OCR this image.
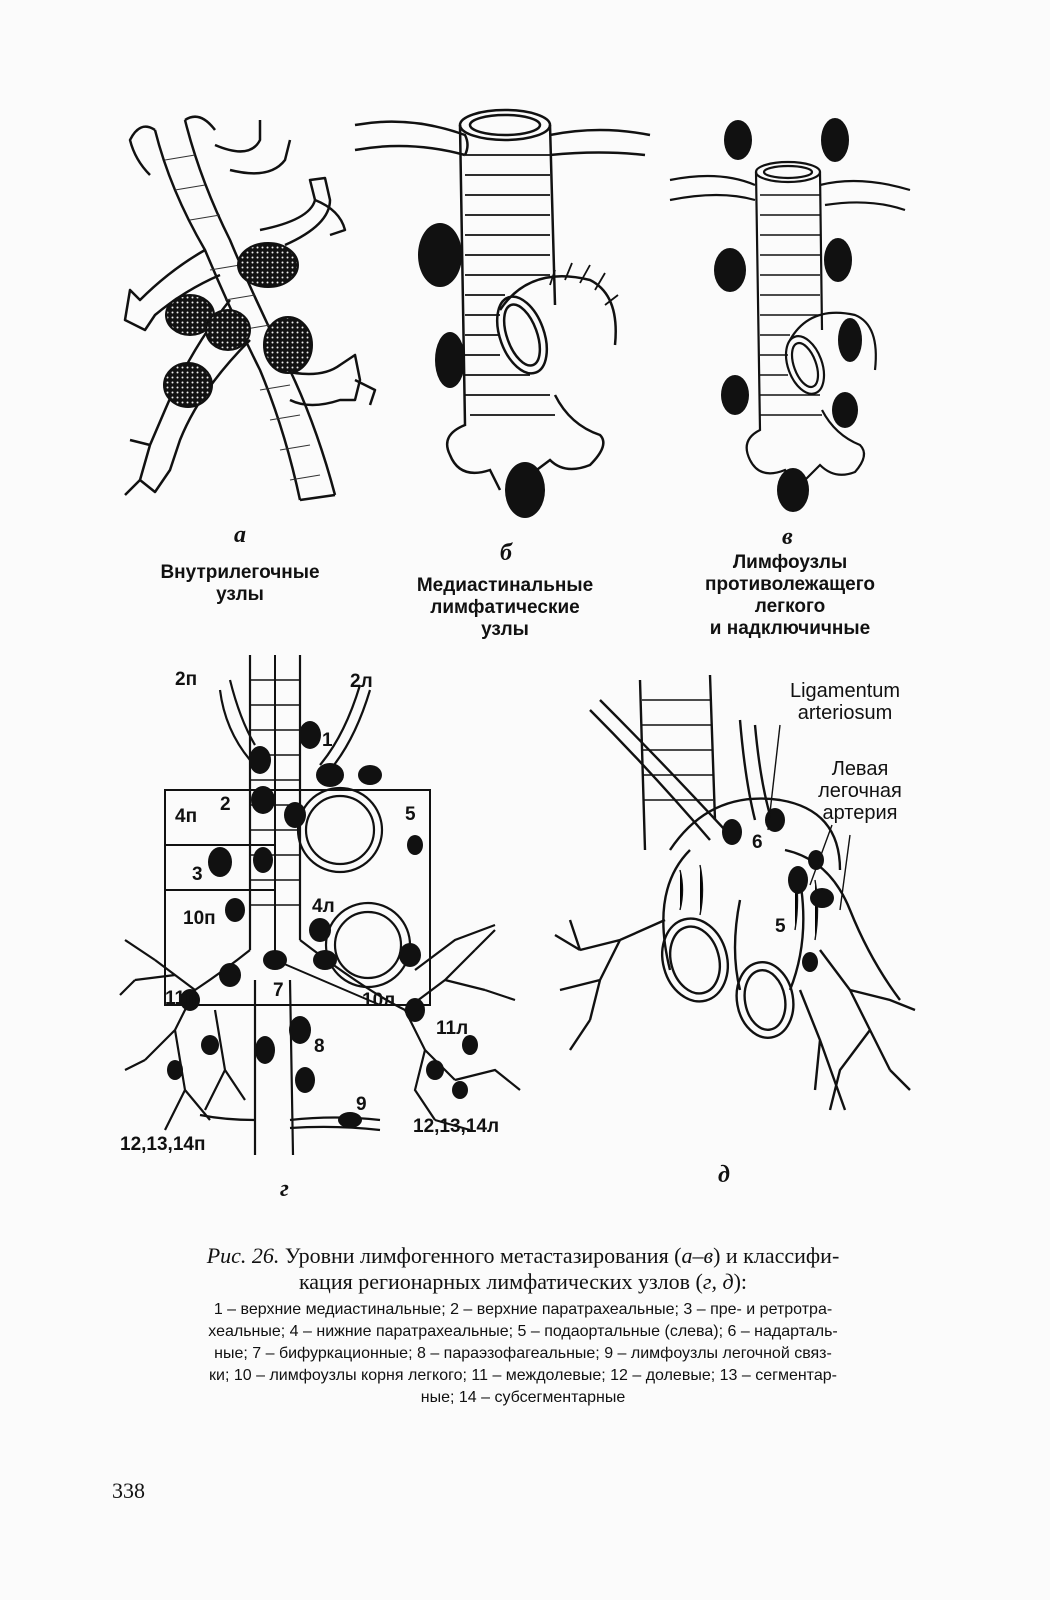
а
Внутрилегочные
узлы
б
Медиастинальные
лимфатические
узлы
в
Лимфоузлы
противолежащего
легкого
и надключичные
2п	2л
1
4п
2	5
3
10п
4л
11п	7	10л
11л
8
9
12,13,14л
12,13,14п
г
Ligamentum
arteriosum
Левая
легочная
артерия
6
5
д
Рис. 26. Уровни лимфогенного метастазирования (а–в) и классифи-
кация регионарных лимфатических узлов (г, д):
1 – верхние медиастинальные; 2 – верхние паратрахеальные; 3 – пре- и ретротра-
хеальные; 4 – нижние паратрахеальные; 5 – подаортальные (слева); 6 – надарталь-
ные; 7 – бифуркационные; 8 – параэзофагеальные; 9 – лимфоузлы легочной связ-
ки; 10 – лимфоузлы корня легкого; 11 – междолевые; 12 – долевые; 13 – сегментар-
ные; 14 – субсегментарные
338
